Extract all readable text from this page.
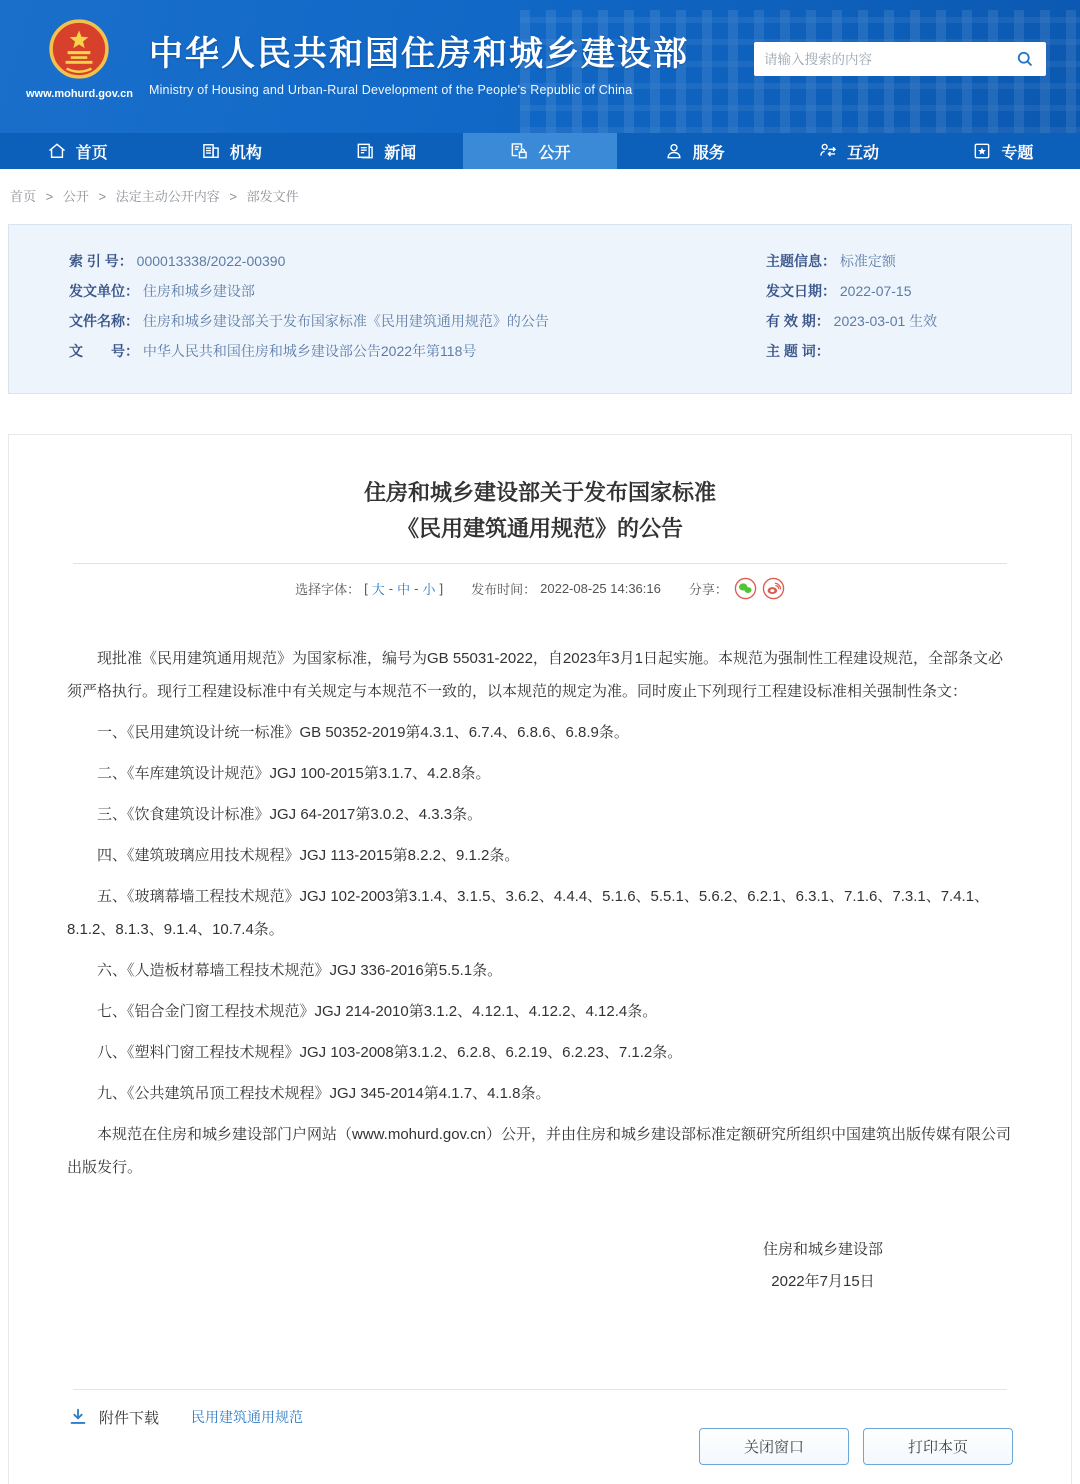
www.mohurd.gov.cn
中华人民共和国住房和城乡建设部
Ministry of Housing and Urban-Rural Development of the People's Republic of China
请输入搜索的内容
首页	机构	新闻	公开	服务	互动	专题
首页 > 公开 > 法定主动公开内容 > 部发文件
索 引 号： 000013338/2022-00390
发文单位： 住房和城乡建设部
文件名称： 住房和城乡建设部关于发布国家标准《民用建筑通用规范》的公告
文　　号： 中华人民共和国住房和城乡建设部公告2022年第118号
主题信息： 标准定额
发文日期： 2022-07-15
有 效 期： 2023-03-01 生效
主 题 词：
住房和城乡建设部关于发布国家标准
《民用建筑通用规范》的公告
选择字体： [ 大 - 中 - 小 ] 发布时间： 2022-08-25 14:36:16 分享：

现批准《民用建筑通用规范》为国家标准，编号为GB 55031-2022，自2023年3月1日起实施。本规范为强制性工程建设规范，全部条文必须严格执行。现行工程建设标准中有关规定与本规范不一致的，以本规范的规定为准。同时废止下列现行工程建设标准相关强制性条文：

一、《民用建筑设计统一标准》GB 50352-2019第4.3.1、6.7.4、6.8.6、6.8.9条。

二、《车库建筑设计规范》JGJ 100-2015第3.1.7、4.2.8条。

三、《饮食建筑设计标准》JGJ 64-2017第3.0.2、4.3.3条。

四、《建筑玻璃应用技术规程》JGJ 113-2015第8.2.2、9.1.2条。

五、《玻璃幕墙工程技术规范》JGJ 102-2003第3.1.4、3.1.5、3.6.2、4.4.4、5.1.6、5.5.1、5.6.2、6.2.1、6.3.1、7.1.6、7.3.1、7.4.1、8.1.2、8.1.3、9.1.4、10.7.4条。

六、《人造板材幕墙工程技术规范》JGJ 336-2016第5.5.1条。

七、《铝合金门窗工程技术规范》JGJ 214-2010第3.1.2、4.12.1、4.12.2、4.12.4条。

八、《塑料门窗工程技术规程》JGJ 103-2008第3.1.2、6.2.8、6.2.19、6.2.23、7.1.2条。

九、《公共建筑吊顶工程技术规程》JGJ 345-2014第4.1.7、4.1.8条。

本规范在住房和城乡建设部门户网站（www.mohurd.gov.cn）公开，并由住房和城乡建设部标准定额研究所组织中国建筑出版传媒有限公司出版发行。

住房和城乡建设部
2022年7月15日
附件下载 民用建筑通用规范
关闭窗口	打印本页
